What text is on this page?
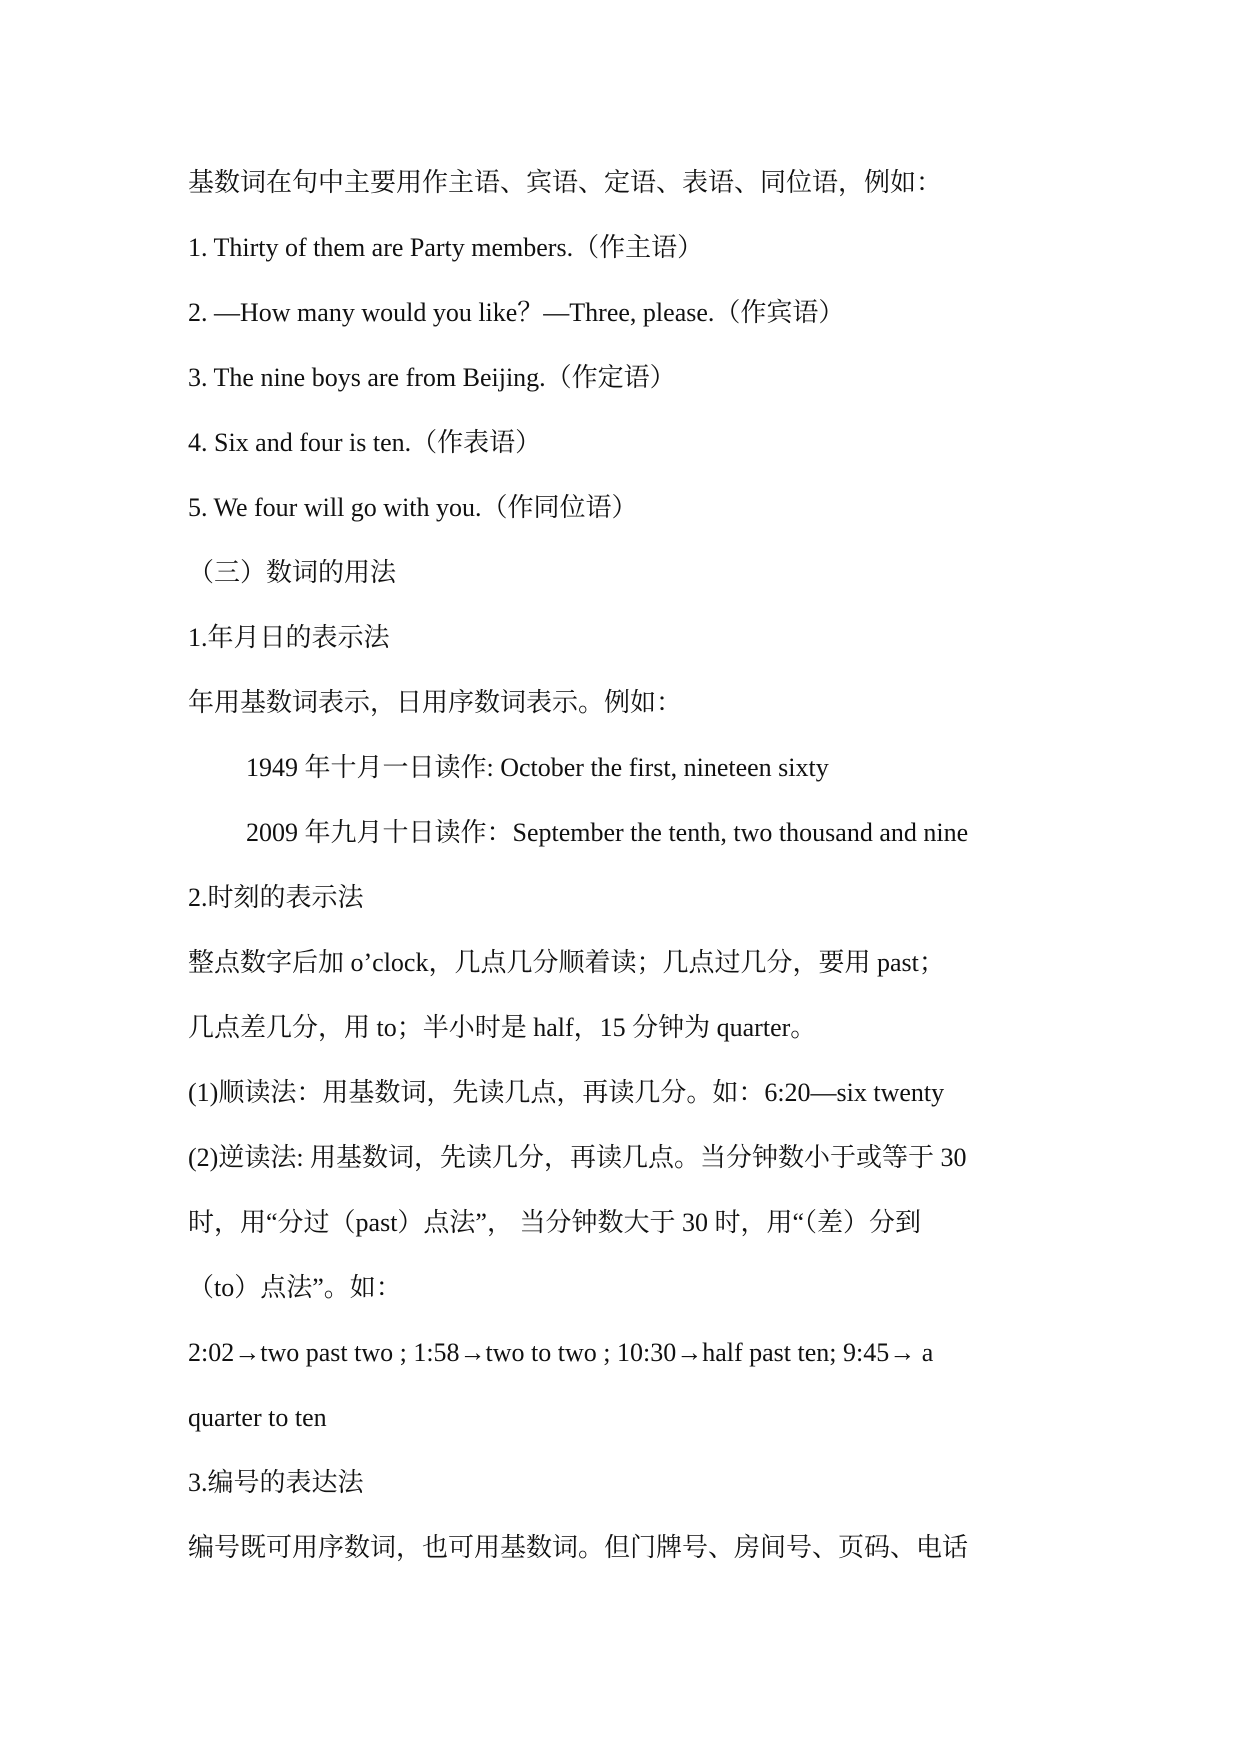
基数词在句中主要用作主语、宾语、定语、表语、同位语，例如：
1. Thirty of them are Party members.（作主语）
2. —How many would you like？—Three, please.（作宾语）
3. The nine boys are from Beijing.（作定语）
4. Six and four is ten.（作表语）
5. We four will go with you.（作同位语）
（三）数词的用法
1.年月日的表示法
年用基数词表示，日用序数词表示。例如：
1949 年十月一日读作: October the first, nineteen sixty
2009 年九月十日读作：September the tenth, two thousand and nine
2.时刻的表示法
整点数字后加 o’clock，几点几分顺着读；几点过几分，要用 past；
几点差几分，用 to；半小时是 half，15 分钟为 quarter。
(1)顺读法：用基数词，先读几点，再读几分。如：6:20—six twenty
(2)逆读法: 用基数词，先读几分，再读几点。当分钟数小于或等于 30
时，用“分过（past）点法”， 当分钟数大于 30 时，用“（差）分到
（to）点法”。如：
2:02→two past two ; 1:58→two to two ; 10:30→half past ten; 9:45→ a
quarter to ten
3.编号的表达法
编号既可用序数词，也可用基数词。但门牌号、房间号、页码、电话
